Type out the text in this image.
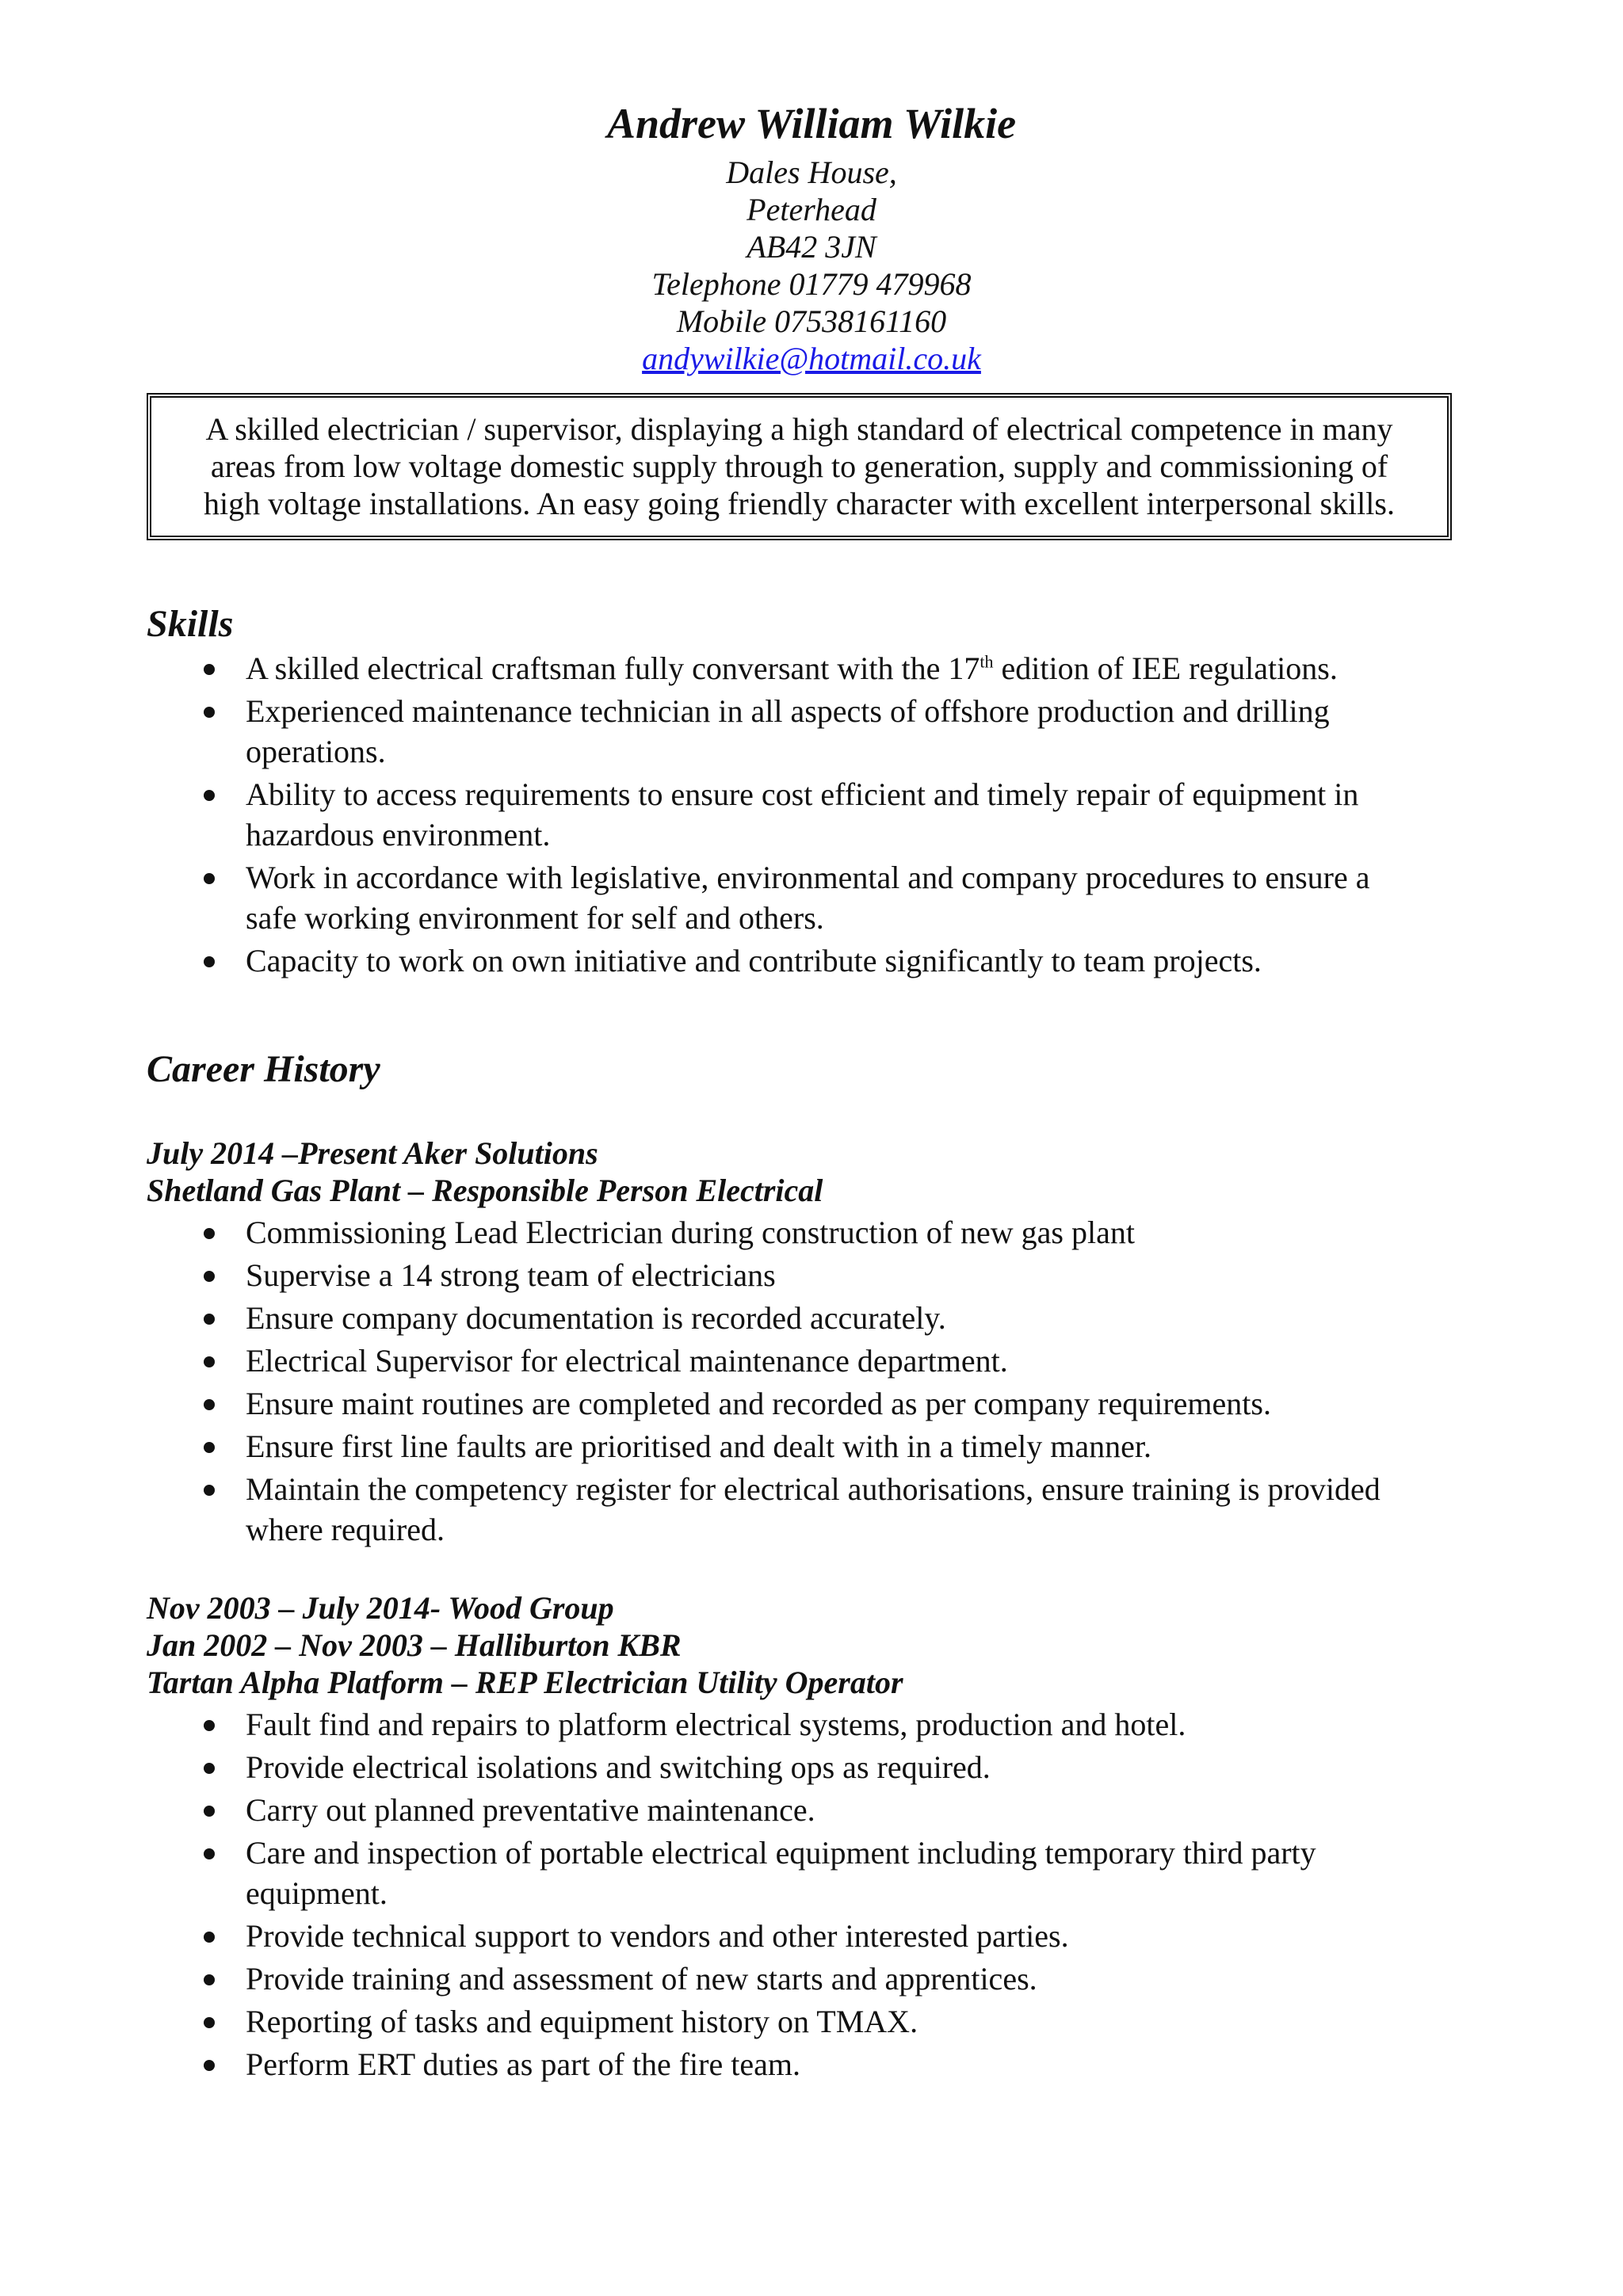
Andrew William Wilkie

Dales House,

Peterhead

AB42 3JN

Telephone 01779 479968

Mobile 07538161160

andywilkie@hotmail.co.uk

A skilled electrician / supervisor, displaying a high standard of electrical competence in many

areas from low voltage domestic supply through to generation, supply and commissioning of

high voltage installations. An easy going friendly character with excellent interpersonal skills.

Skills
A skilled electrical craftsman fully conversant with the 17th edition of IEE regulations.
Experienced maintenance technician in all aspects of offshore production and drilling operations.
Ability to access requirements to ensure cost efficient and timely repair of equipment in hazardous environment.
Work in accordance with legislative, environmental and company procedures to ensure a safe working environment for self and others.
Capacity to work on own initiative and contribute significantly to team projects.
Career History

July 2014 –Present Aker Solutions

Shetland Gas Plant – Responsible Person Electrical

Commissioning Lead Electrician during construction of new gas plant
Supervise a 14 strong team of electricians
Ensure company documentation is recorded accurately.
Electrical Supervisor for electrical maintenance department.
Ensure maint routines are completed and recorded as per company requirements.
Ensure first line faults are prioritised and dealt with in a timely manner.
Maintain the competency register for electrical authorisations, ensure training is provided where required.

Nov 2003 – July 2014- Wood Group

Jan 2002 – Nov 2003 – Halliburton KBR

Tartan Alpha Platform – REP Electrician Utility Operator

Fault find and repairs to platform electrical systems, production and hotel.
Provide electrical isolations and switching ops as required.
Carry out planned preventative maintenance.
Care and inspection of portable electrical equipment including temporary third party equipment.
Provide technical support to vendors and other interested parties.
Provide training and assessment of new starts and apprentices.
Reporting of tasks and equipment history on TMAX.
Perform ERT duties as part of the fire team.
